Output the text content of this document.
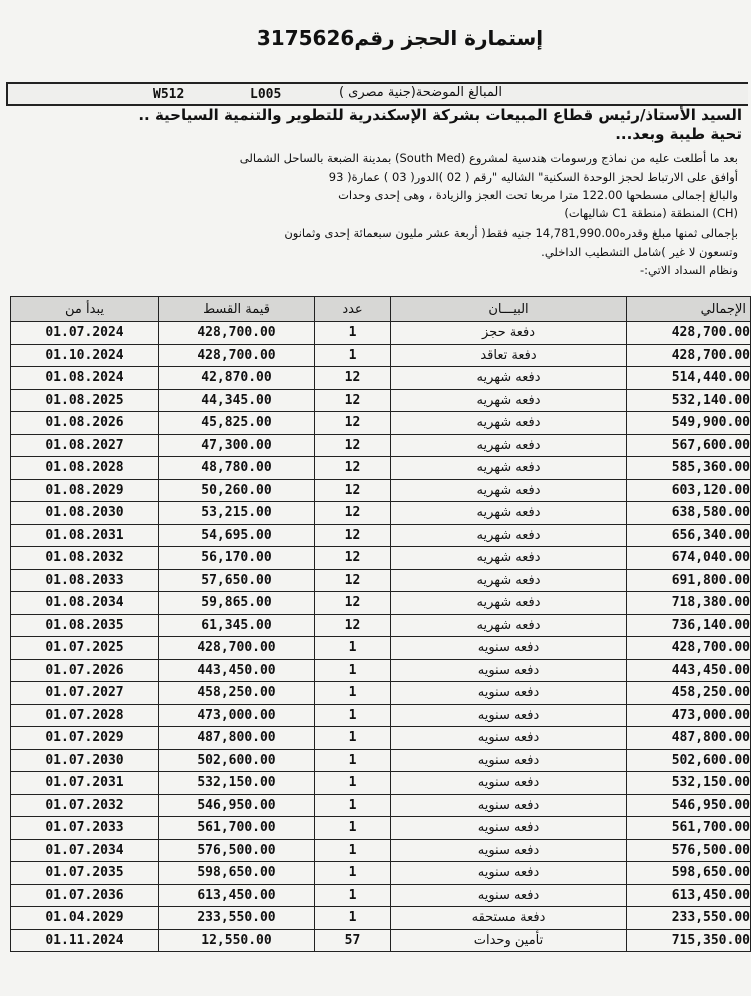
إستمارة الحجز رقم3175626
W512	L005	المبالغ الموضحة(جنية مصرى )
السيد الأستاذ/رئيس قطاع المبيعات بشركة الإسكندرية للتطوير والتنمية السياحية ..
تحية طيبة وبعد...
بعد ما أطلعت عليه من نماذج ورسومات هندسية لمشروع (South Med) بمدينة الضبعة بالساحل الشمالى
أوافق على الارتباط لحجز الوحدة السكنية" الشاليه "رقم ( 02 )الدور( 03 ) عمارة( 93
والبالغ إجمالى مسطحها 122.00 مترا مربعا تحت العجز والزيادة ، وهى إحدى وحدات
(CH) المنطقة (منطقة C1 شاليهات)
بإجمالى ثمنها مبلغ وقدره14,781,990.00 جنيه فقط( أربعة عشر مليون سبعمائة إحدى وثمانون
وتسعون لا غير )شامل التشطيب الداخلي.
ونظام السداد الاتي:-
يبدأ من	قيمة القسط	عدد	البيـــان	الإجمالي
01.07.2024	428,700.00	1	دفعة حجز	428,700.00
01.10.2024	428,700.00	1	دفعة تعاقد	428,700.00
01.08.2024	42,870.00	12	دفعه شهريه	514,440.00
01.08.2025	44,345.00	12	دفعه شهريه	532,140.00
01.08.2026	45,825.00	12	دفعه شهريه	549,900.00
01.08.2027	47,300.00	12	دفعه شهريه	567,600.00
01.08.2028	48,780.00	12	دفعه شهريه	585,360.00
01.08.2029	50,260.00	12	دفعه شهريه	603,120.00
01.08.2030	53,215.00	12	دفعه شهريه	638,580.00
01.08.2031	54,695.00	12	دفعه شهريه	656,340.00
01.08.2032	56,170.00	12	دفعه شهريه	674,040.00
01.08.2033	57,650.00	12	دفعه شهريه	691,800.00
01.08.2034	59,865.00	12	دفعه شهريه	718,380.00
01.08.2035	61,345.00	12	دفعه شهريه	736,140.00
01.07.2025	428,700.00	1	دفعه سنويه	428,700.00
01.07.2026	443,450.00	1	دفعه سنويه	443,450.00
01.07.2027	458,250.00	1	دفعه سنويه	458,250.00
01.07.2028	473,000.00	1	دفعه سنويه	473,000.00
01.07.2029	487,800.00	1	دفعه سنويه	487,800.00
01.07.2030	502,600.00	1	دفعه سنويه	502,600.00
01.07.2031	532,150.00	1	دفعه سنويه	532,150.00
01.07.2032	546,950.00	1	دفعه سنويه	546,950.00
01.07.2033	561,700.00	1	دفعه سنويه	561,700.00
01.07.2034	576,500.00	1	دفعه سنويه	576,500.00
01.07.2035	598,650.00	1	دفعه سنويه	598,650.00
01.07.2036	613,450.00	1	دفعه سنويه	613,450.00
01.04.2029	233,550.00	1	دفعة مستحقه	233,550.00
01.11.2024	12,550.00	57	تأمين وحدات	715,350.00
